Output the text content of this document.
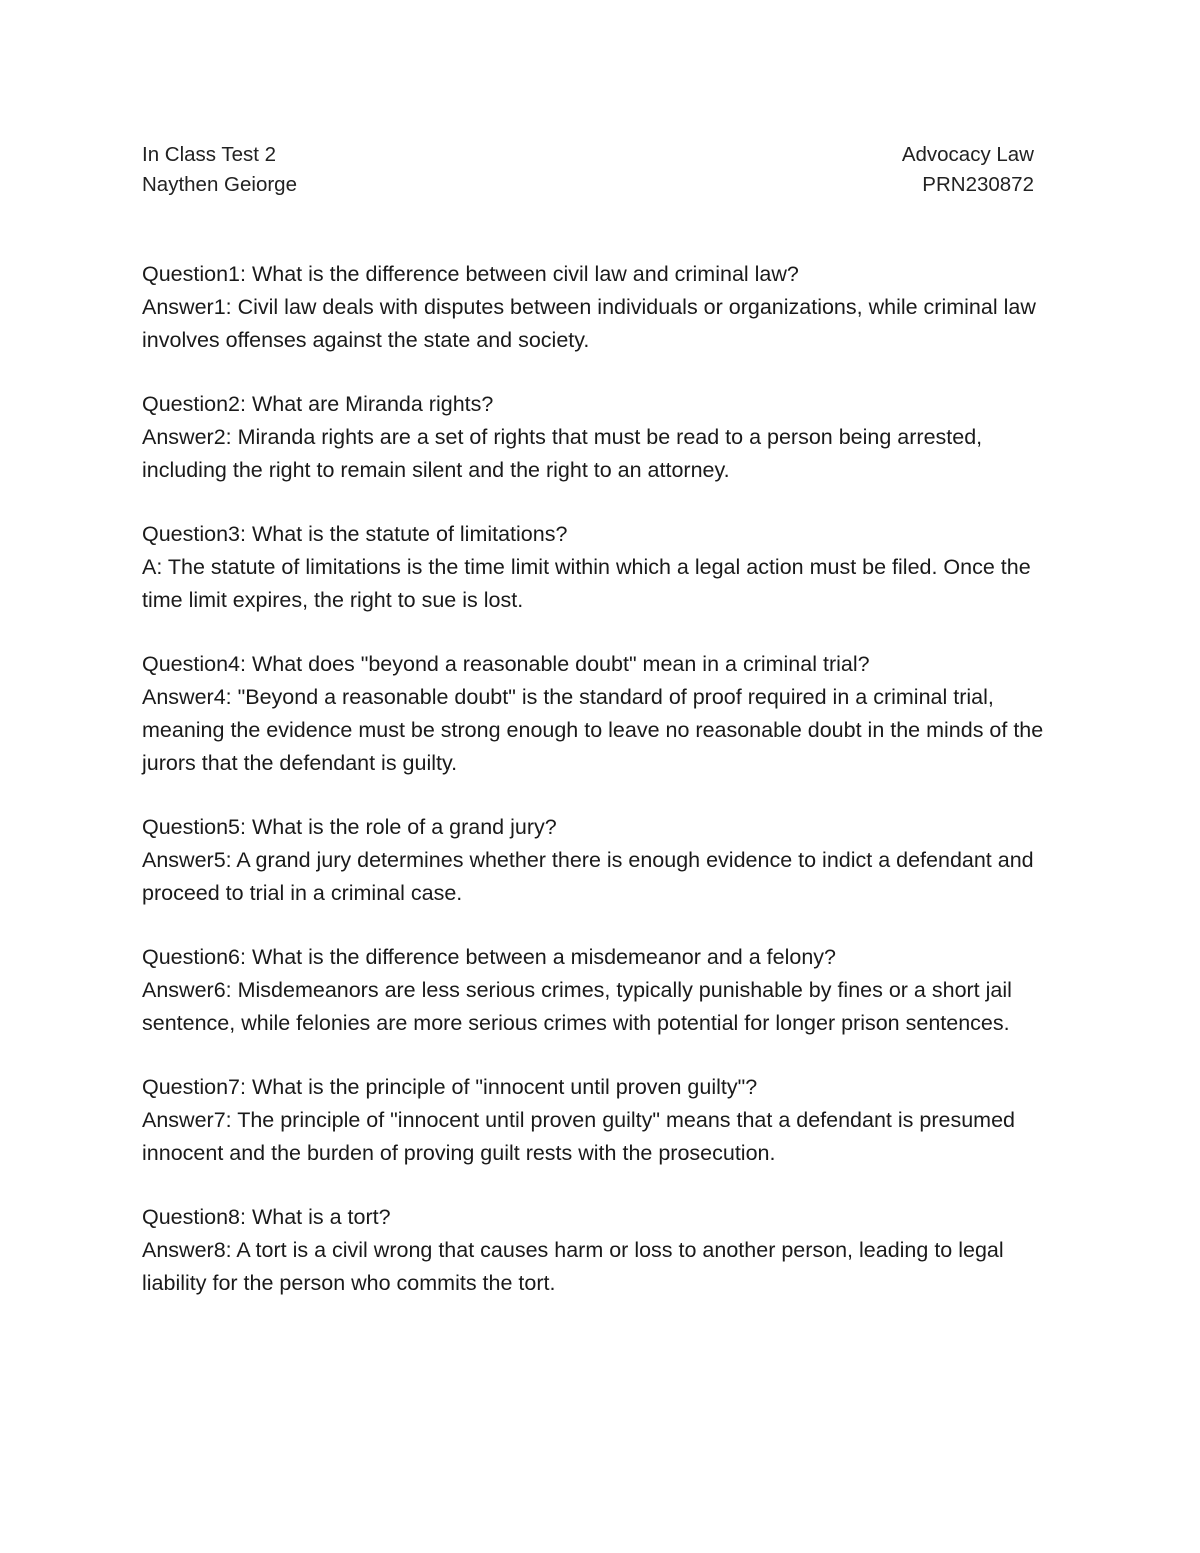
In Class Test 2	Advocacy Law
Naythen Geiorge	PRN230872

Question1: What is the difference between civil law and criminal law?

Answer1: Civil law deals with disputes between individuals or organizations, while criminal law involves offenses against the state and society.

Question2: What are Miranda rights?

Answer2: Miranda rights are a set of rights that must be read to a person being arrested, including the right to remain silent and the right to an attorney.

Question3: What is the statute of limitations?

A: The statute of limitations is the time limit within which a legal action must be filed. Once the time limit expires, the right to sue is lost.

Question4: What does "beyond a reasonable doubt" mean in a criminal trial?

Answer4: "Beyond a reasonable doubt" is the standard of proof required in a criminal trial, meaning the evidence must be strong enough to leave no reasonable doubt in the minds of the jurors that the defendant is guilty.

Question5: What is the role of a grand jury?

Answer5: A grand jury determines whether there is enough evidence to indict a defendant and proceed to trial in a criminal case.

Question6: What is the difference between a misdemeanor and a felony?

Answer6: Misdemeanors are less serious crimes, typically punishable by fines or a short jail sentence, while felonies are more serious crimes with potential for longer prison sentences.

Question7: What is the principle of "innocent until proven guilty"?

Answer7: The principle of "innocent until proven guilty" means that a defendant is presumed innocent and the burden of proving guilt rests with the prosecution.

Question8: What is a tort?

Answer8: A tort is a civil wrong that causes harm or loss to another person, leading to legal liability for the person who commits the tort.
